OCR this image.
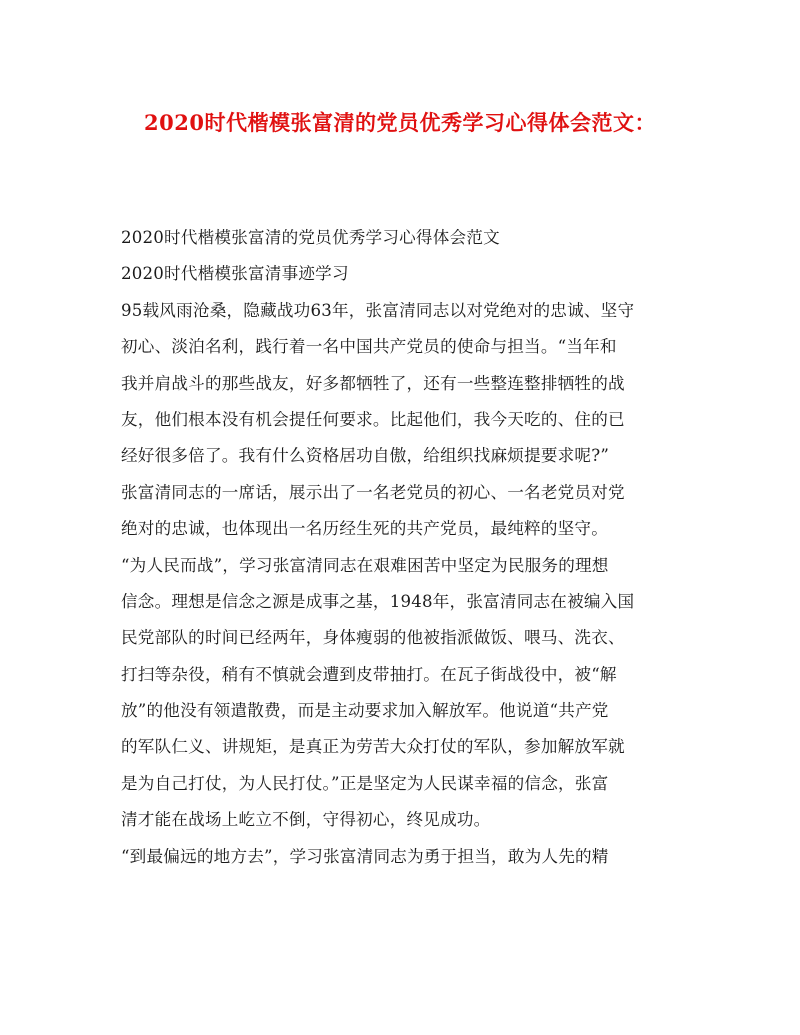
2020时代楷模张富清的党员优秀学习心得体会范文：
2020时代楷模张富清的党员优秀学习心得体会范文
2020时代楷模张富清事迹学习
95载风雨沧桑，隐藏战功63年，张富清同志以对党绝对的忠诚、坚守
初心、淡泊名利，践行着一名中国共产党员的使命与担当。“当年和
我并肩战斗的那些战友，好多都牺牲了，还有一些整连整排牺牲的战
友，他们根本没有机会提任何要求。比起他们，我今天吃的、住的已
经好很多倍了。我有什么资格居功自傲，给组织找麻烦提要求呢?”
张富清同志的一席话，展示出了一名老党员的初心、一名老党员对党
绝对的忠诚，也体现出一名历经生死的共产党员，最纯粹的坚守。
“为人民而战”，学习张富清同志在艰难困苦中坚定为民服务的理想
信念。理想是信念之源是成事之基，1948年，张富清同志在被编入国
民党部队的时间已经两年，身体瘦弱的他被指派做饭、喂马、洗衣、
打扫等杂役，稍有不慎就会遭到皮带抽打。在瓦子街战役中，被“解
放”的他没有领遣散费，而是主动要求加入解放军。他说道“共产党
的军队仁义、讲规矩，是真正为劳苦大众打仗的军队，参加解放军就
是为自己打仗，为人民打仗。”正是坚定为人民谋幸福的信念，张富
清才能在战场上屹立不倒，守得初心，终见成功。
“到最偏远的地方去”，学习张富清同志为勇于担当，敢为人先的精
